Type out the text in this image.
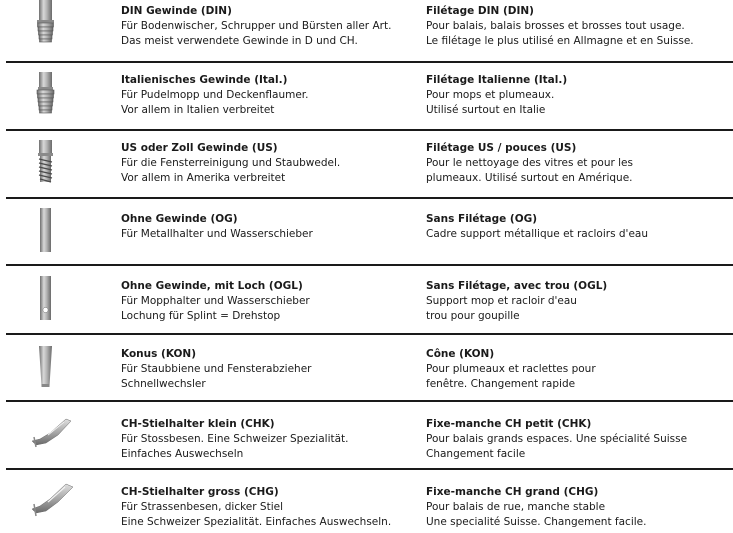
DIN Gewinde (DIN)
Für Bodenwischer, Schrupper und Bürsten aller Art.
Das meist verwendete Gewinde in D und CH.
Filétage DIN (DIN)
Pour balais, balais brosses et brosses tout usage.
Le filétage le plus utilisé en Allmagne et en Suisse.
Italienisches Gewinde (Ital.)
Für Pudelmopp und Deckenflaumer.
Vor allem in Italien verbreitet
Filétage Italienne (Ital.)
Pour mops et plumeaux.
Utilisé surtout en Italie
US oder Zoll Gewinde (US)
Für die Fensterreinigung und Staubwedel.
Vor allem in Amerika verbreitet
Filétage US / pouces (US)
Pour le nettoyage des vitres et pour les
plumeaux. Utilisé surtout en Amérique.
Ohne Gewinde (OG)
Für Metallhalter und Wasserschieber
Sans Filétage (OG)
Cadre support métallique et racloirs d'eau
Ohne Gewinde, mit Loch (OGL)
Für Mopphalter und Wasserschieber
Lochung für Splint = Drehstop
Sans Filétage, avec trou (OGL)
Support mop et racloir d'eau
trou pour goupille
Konus (KON)
Für Staubbiene und Fensterabzieher
Schnellwechsler
Cône (KON)
Pour plumeaux et raclettes pour
fenêtre. Changement rapide
CH-Stielhalter klein (CHK)
Für Stossbesen. Eine Schweizer Spezialität.
Einfaches Auswechseln
Fixe-manche CH petit (CHK)
Pour balais grands espaces. Une spécialité Suisse
Changement facile
CH-Stielhalter gross (CHG)
Für Strassenbesen, dicker Stiel
Eine Schweizer Spezialität. Einfaches Auswechseln.
Fixe-manche CH grand (CHG)
Pour balais de rue, manche stable
Une specialité Suisse. Changement facile.
